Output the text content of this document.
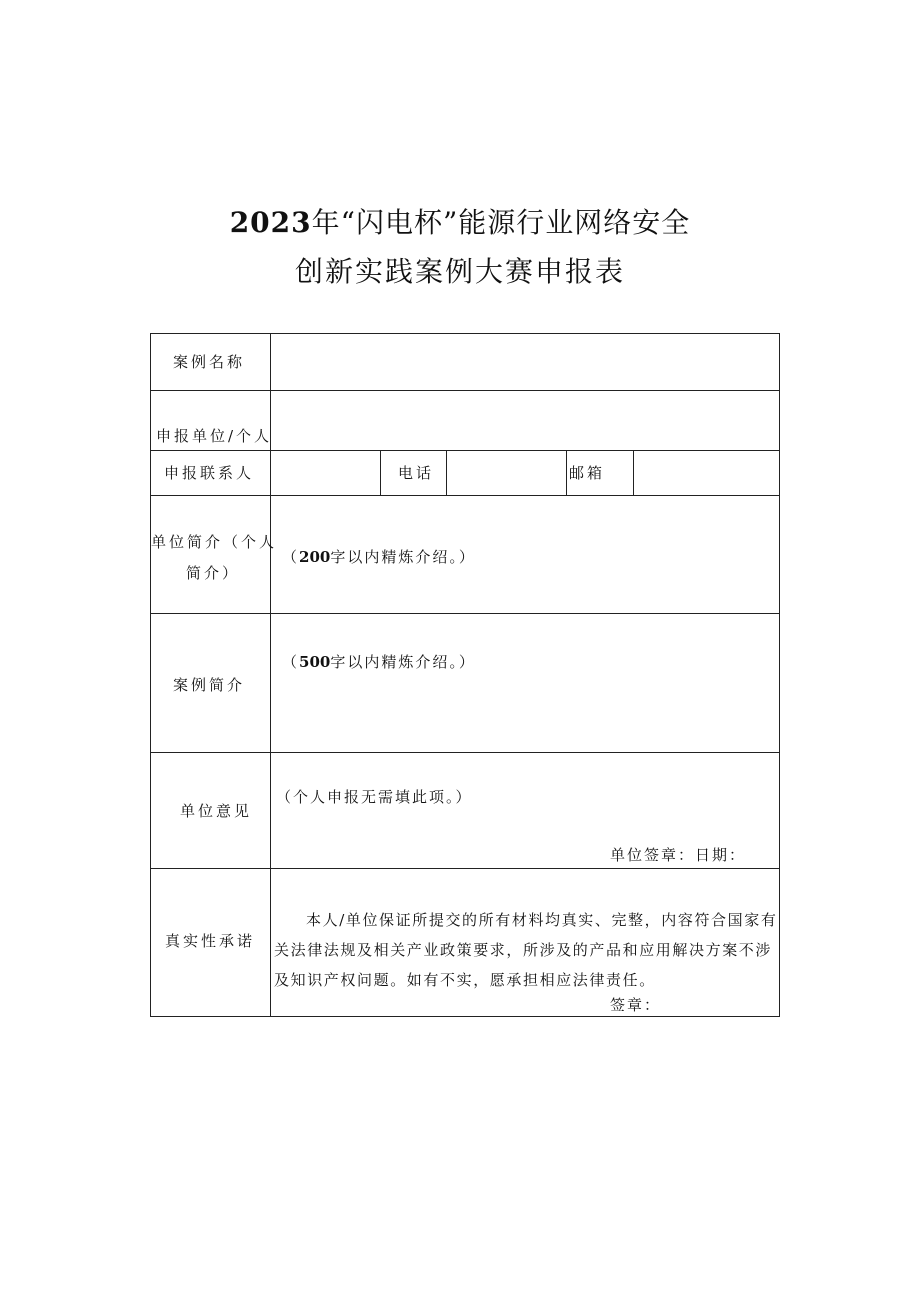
2023年“闪电杯”能源行业网络安全
创新实践案例大赛申报表
案例名称
申报单位/个人
申报联系人	电话	邮箱
单位简介（个人
简介）
（200字以内精炼介绍。）
案例简介
（500字以内精炼介绍。）
单位意见
（个人申报无需填此项。）
单位签章：日期：
真实性承诺
本人/单位保证所提交的所有材料均真实、完整，内容符合国家有关法律法规及相关产业政策要求，所涉及的产品和应用解决方案不涉及知识产权问题。如有不实，愿承担相应法律责任。
签章：
